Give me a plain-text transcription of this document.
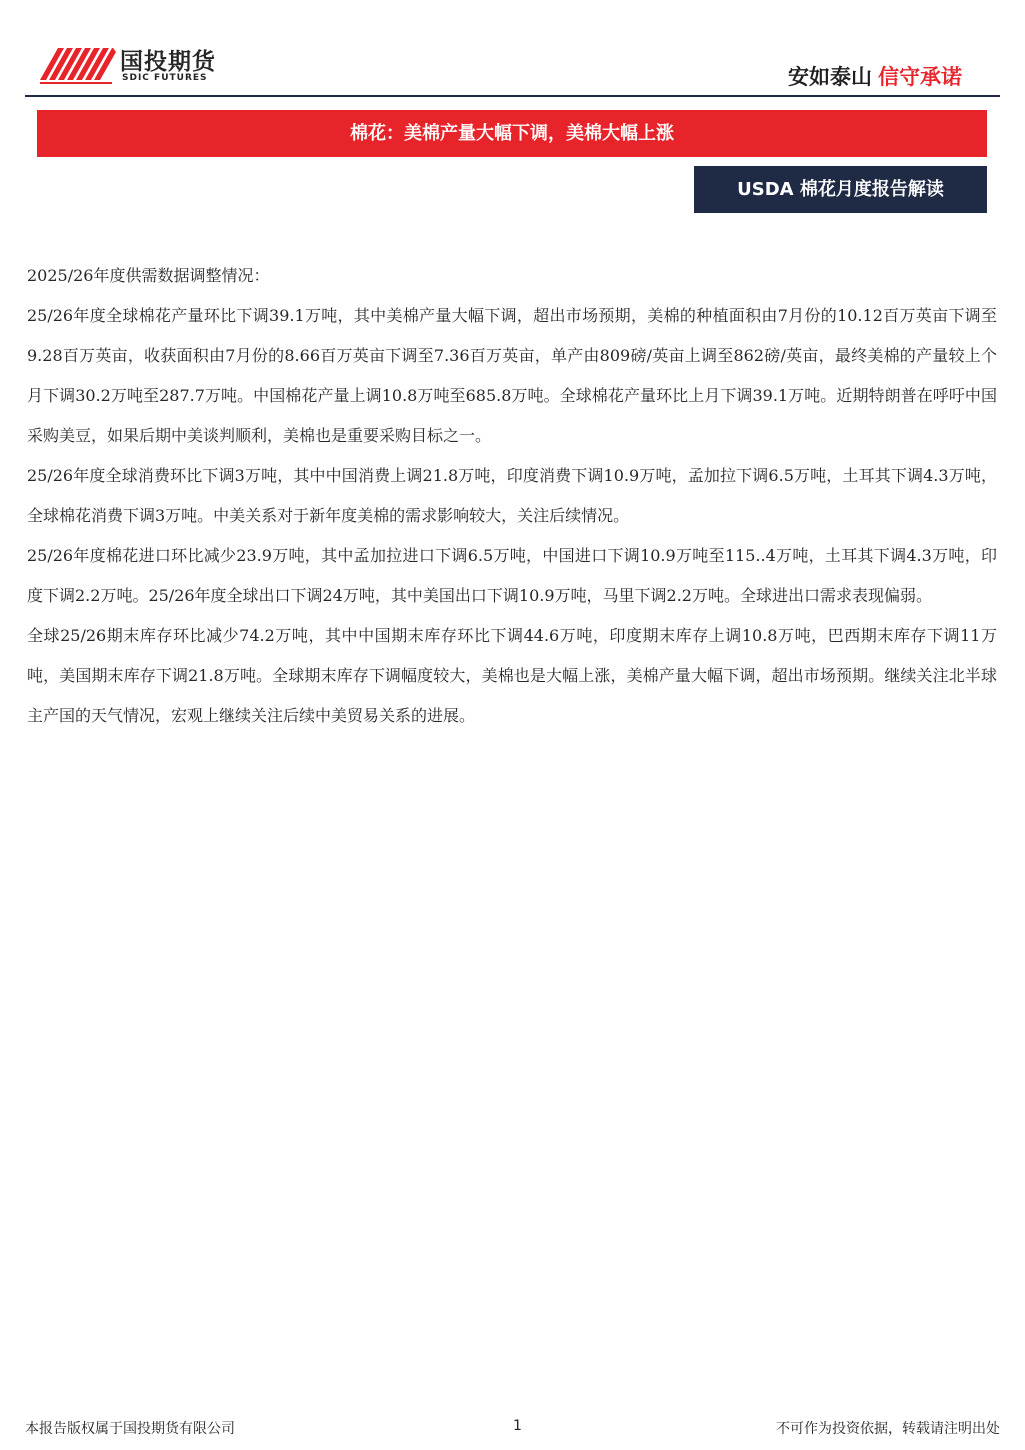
国投期货
SDIC FUTURES	安如泰山 信守承诺
棉花：美棉产量大幅下调，美棉大幅上涨
USDA 棉花月度报告解读

2025/26年度供需数据调整情况：

25/26年度全球棉花产量环比下调39.1万吨，其中美棉产量大幅下调，超出市场预期，美棉的种植面积由7月份的10.12百万英亩下调至9.28百万英亩，收获面积由7月份的8.66百万英亩下调至7.36百万英亩，单产由809磅/英亩上调至862磅/英亩，最终美棉的产量较上个月下调30.2万吨至287.7万吨。中国棉花产量上调10.8万吨至685.8万吨。全球棉花产量环比上月下调39.1万吨。近期特朗普在呼吁中国采购美豆，如果后期中美谈判顺利，美棉也是重要采购目标之一。

25/26年度全球消费环比下调3万吨，其中中国消费上调21.8万吨，印度消费下调10.9万吨，孟加拉下调6.5万吨，土耳其下调4.3万吨，全球棉花消费下调3万吨。中美关系对于新年度美棉的需求影响较大，关注后续情况。

25/26年度棉花进口环比减少23.9万吨，其中孟加拉进口下调6.5万吨，中国进口下调10.9万吨至115..4万吨，土耳其下调4.3万吨，印度下调2.2万吨。25/26年度全球出口下调24万吨，其中美国出口下调10.9万吨，马里下调2.2万吨。全球进出口需求表现偏弱。

全球25/26期末库存环比减少74.2万吨，其中中国期末库存环比下调44.6万吨，印度期末库存上调10.8万吨，巴西期末库存下调11万吨，美国期末库存下调21.8万吨。全球期末库存下调幅度较大，美棉也是大幅上涨，美棉产量大幅下调，超出市场预期。继续关注北半球主产国的天气情况，宏观上继续关注后续中美贸易关系的进展。

本报告版权属于国投期货有限公司	1	不可作为投资依据，转载请注明出处
